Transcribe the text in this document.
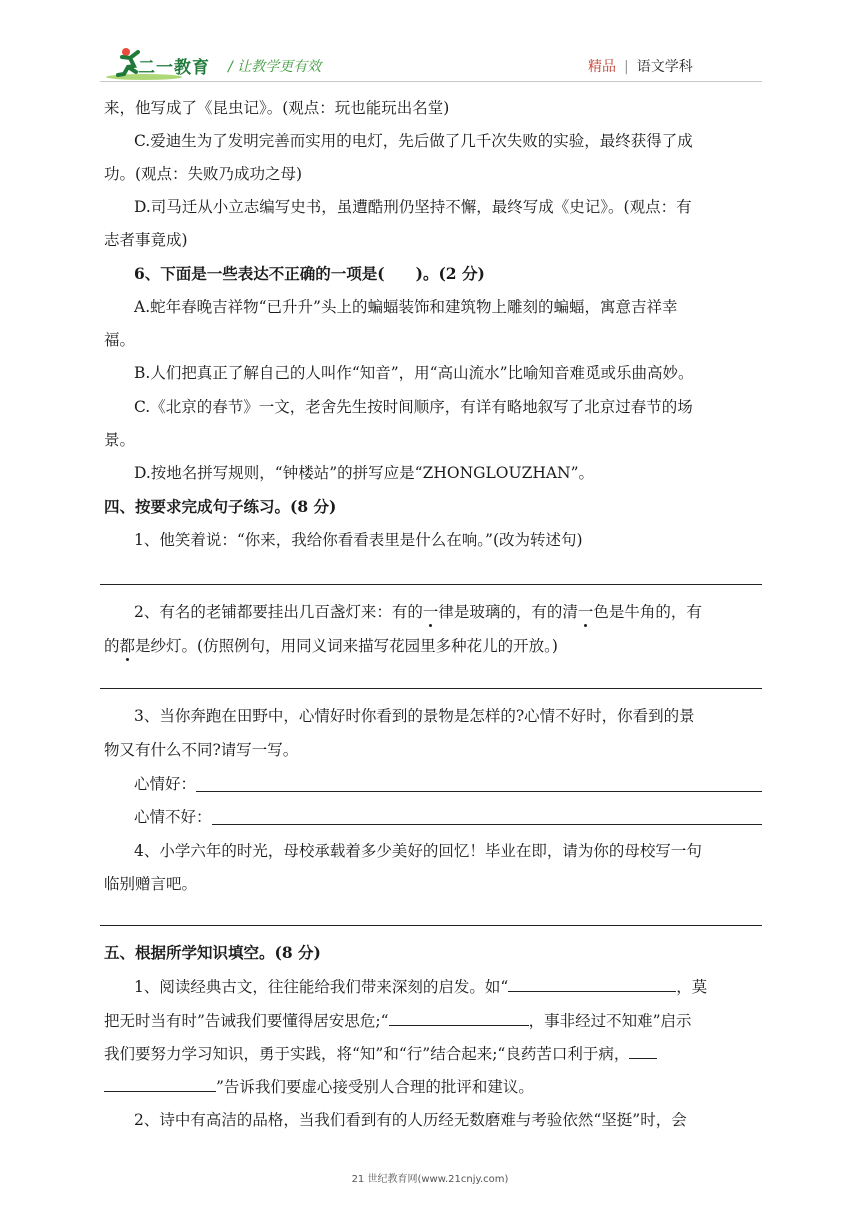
二一教育 / 让教学更有效	精品 | 语文学科
来，他写成了《昆虫记》。(观点：玩也能玩出名堂)
C.爱迪生为了发明完善而实用的电灯，先后做了几千次失败的实验，最终获得了成
功。(观点：失败乃成功之母)
D.司马迁从小立志编写史书，虽遭酷刑仍坚持不懈，最终写成《史记》。(观点：有
志者事竟成)
6、下面是一些表达不正确的一项是(　　)。(2 分)
A.蛇年春晚吉祥物“已升升”头上的蝙蝠装饰和建筑物上雕刻的蝙蝠，寓意吉祥幸
福。
B.人们把真正了解自己的人叫作“知音”，用“高山流水”比喻知音难觅或乐曲高妙。
C.《北京的春节》一文，老舍先生按时间顺序，有详有略地叙写了北京过春节的场
景。
D.按地名拼写规则，“钟楼站”的拼写应是“ZHONGLOUZHAN”。
四、按要求完成句子练习。(8 分)
1、他笑着说：“你来，我给你看看表里是什么在响。”(改为转述句)
2、有名的老铺都要挂出几百盏灯来：有的一律是玻璃的，有的清一色是牛角的，有
的都是纱灯。(仿照例句，用同义词来描写花园里多种花儿的开放。)
3、当你奔跑在田野中，心情好时你看到的景物是怎样的?心情不好时，你看到的景
物又有什么不同?请写一写。
心情好：
心情不好：
4、小学六年的时光，母校承载着多少美好的回忆！毕业在即，请为你的母校写一句
临别赠言吧。
五、根据所学知识填空。(8 分)
1、阅读经典古文，往往能给我们带来深刻的启发。如“	，莫
把无时当有时”告诫我们要懂得居安思危;“	，事非经过不知难”启示
我们要努力学习知识，勇于实践，将“知”和“行”结合起来;“良药苦口利于病，
”告诉我们要虚心接受别人合理的批评和建议。
2、诗中有高洁的品格，当我们看到有的人历经无数磨难与考验依然“坚挺”时，会
21 世纪教育网(www.21cnjy.com)
